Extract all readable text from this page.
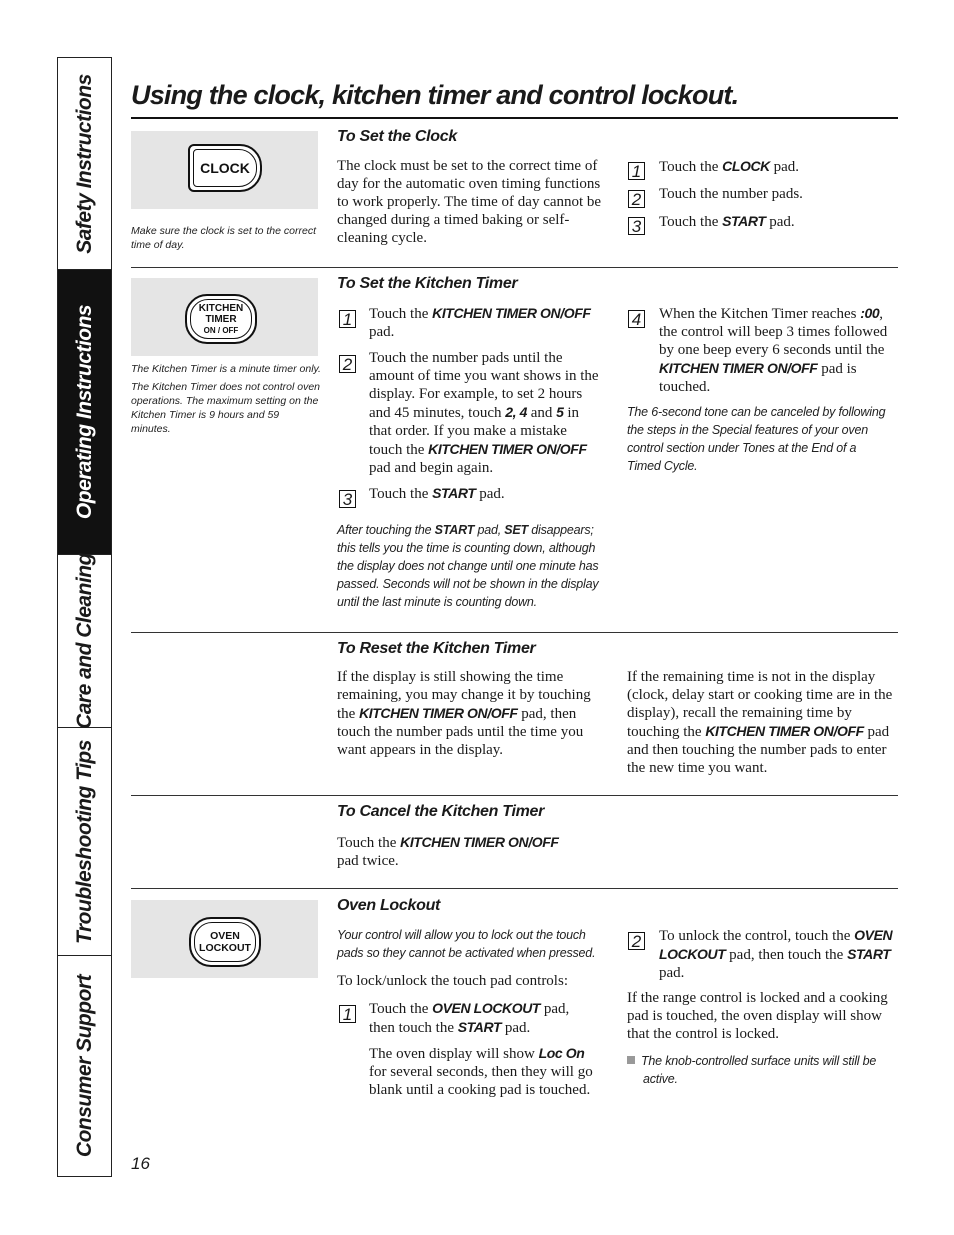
Safety Instructions
Operating Instructions
Care and Cleaning
Troubleshooting Tips
Consumer Support
Using the clock, kitchen timer and control lockout.
CLOCK

Make sure the clock is set to the correct time of day.

To Set the Clock

The clock must be set to the correct time of day for the automatic oven timing functions to work properly. The time of day cannot be changed during a timed baking or self-cleaning cycle.

1 Touch the CLOCK pad.

2 Touch the number pads.

3 Touch the START pad.

KITCHEN
TIMER
ON / OFF

The Kitchen Timer is a minute timer only.

The Kitchen Timer does not control oven operations. The maximum setting on the Kitchen Timer is 9 hours and 59 minutes.

To Set the Kitchen Timer
1 Touch the KITCHEN TIMER ON/OFF pad.

2 Touch the number pads until the amount of time you want shows in the display. For example, to set 2 hours and 45 minutes, touch 2, 4 and 5 in that order. If you make a mistake touch the KITCHEN TIMER ON/OFF pad and begin again.

3 Touch the START pad.

After touching the START pad, SET disappears; this tells you the time is counting down, although the display does not change until one minute has passed. Seconds will not be shown in the display until the last minute is counting down.

4 When the Kitchen Timer reaches :00, the control will beep 3 times followed by one beep every 6 seconds until the KITCHEN TIMER ON/OFF pad is touched.

The 6-second tone can be canceled by following the steps in the Special features of your oven control section under Tones at the End of a Timed Cycle.

To Reset the Kitchen Timer

If the display is still showing the time remaining, you may change it by touching the KITCHEN TIMER ON/OFF pad, then touch the number pads until the time you want appears in the display.

If the remaining time is not in the display (clock, delay start or cooking time are in the display), recall the remaining time by touching the KITCHEN TIMER ON/OFF pad and then touching the number pads to enter the new time you want.

To Cancel the Kitchen Timer

Touch the KITCHEN TIMER ON/OFF pad twice.

OVEN
LOCKOUT
Oven Lockout

Your control will allow you to lock out the touch pads so they cannot be activated when pressed.

To lock/unlock the touch pad controls:

1 Touch the OVEN LOCKOUT pad, then touch the START pad.

The oven display will show Loc On for several seconds, then they will go blank until a cooking pad is touched.

2 To unlock the control, touch the OVEN LOCKOUT pad, then touch the START pad.

If the range control is locked and a cooking pad is touched, the oven display will show that the control is locked.

The knob-controlled surface units will still be active.

16
